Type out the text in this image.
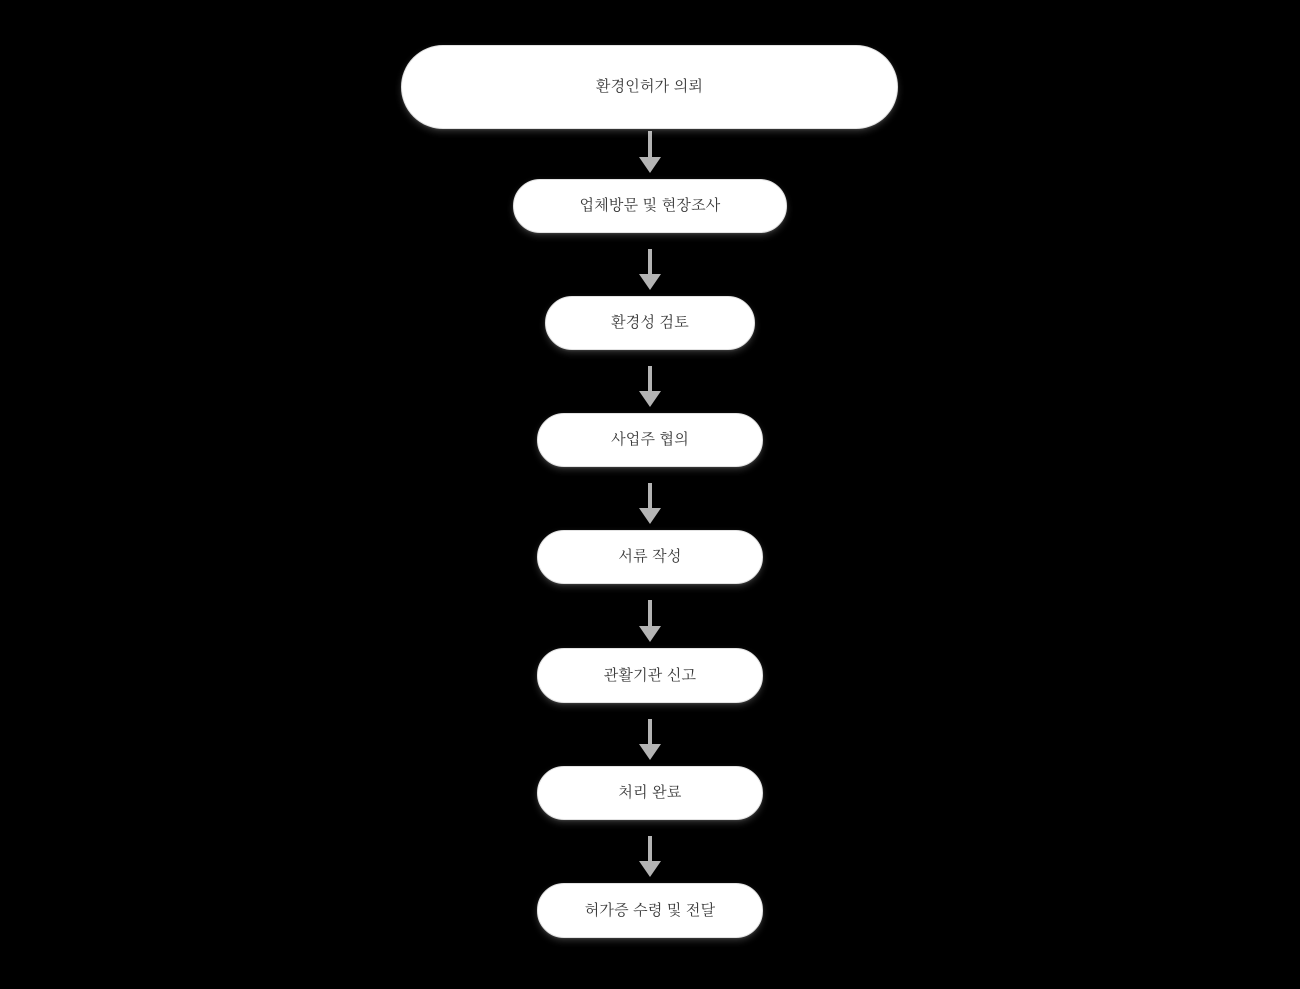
환경인허가 의뢰
업체방문 및 현장조사
환경성 검토
사업주 협의
서류 작성
관활기관 신고
처리 완료
허가증 수령 및 전달
